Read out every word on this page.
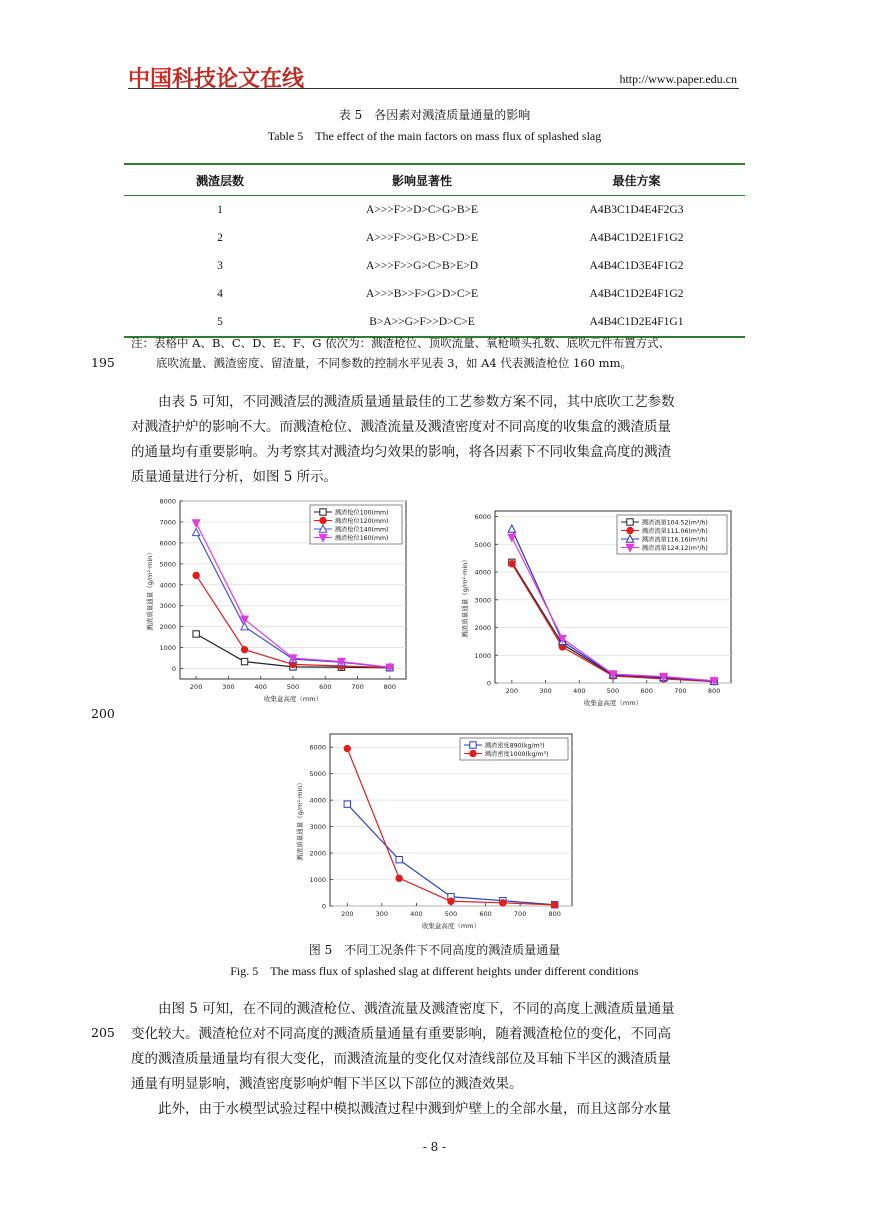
中国科技论文在线	http://www.paper.edu.cn
表 5　各因素对溅渣质量通量的影响
Table 5　The effect of the main factors on mass flux of splashed slag
溅渣层数	影响显著性	最佳方案
1	A>>>F>>D>C>G>B>E	A4B3C1D4E4F2G3
2	A>>>F>>G>B>C>D>E	A4B4C1D2E1F1G2
3	A>>>F>>G>C>B>E>D	A4B4C1D3E4F1G2
4	A>>>B>>F>G>D>C>E	A4B4C1D2E4F1G2
5	B>A>>G>F>>D>C>E	A4B4C1D2E4F1G1
注：表格中 A、B、C、D、E、F、G 依次为：溅渣枪位、顶吹流量、氧枪喷头孔数、底吹元件布置方式、
底吹流量、溅渣密度、留渣量，不同参数的控制水平见表 3，如 A4 代表溅渣枪位 160 mm。
195

由表 5 可知，不同溅渣层的溅渣质量通量最佳的工艺参数方案不同，其中底吹工艺参数

对溅渣护炉的影响不大。而溅渣枪位、溅渣流量及溅渣密度对不同高度的收集盒的溅渣质量

的通量均有重要影响。为考察其对溅渣均匀效果的影响，将各因素下不同收集盒高度的溅渣

质量通量进行分析，如图 5 所示。

0
1000
2000
3000
4000
5000
6000
7000
8000
200	300	400	500	600	700	800
收集盒高度（mm）
溅渣质量通量（g/m²·min）
溅渣枪位100(mm)
溅渣枪位120(mm)
溅渣枪位140(mm)
溅渣枪位160(mm)
0
1000
2000
3000
4000
5000
6000
200	300	400	500	600	700	800
收集盒高度（mm）
溅渣质量通量（g/m²·min）
溅渣流量104.52(m³/h)
溅渣流量111.06(m³/h)
溅渣流量116.16(m³/h)
溅渣流量124.12(m³/h)
0
1000
2000
3000
4000
5000
6000
200	300	400	500	600	700	800
收集盒高度（mm）
溅渣质量通量（g/m²·min）
溅渣密度890(kg/m³)
溅渣密度1000(kg/m³)
200
图 5　不同工况条件下不同高度的溅渣质量通量
Fig. 5　The mass flux of splashed slag at different heights under different conditions

由图 5 可知，在不同的溅渣枪位、溅渣流量及溅渣密度下，不同的高度上溅渣质量通量

变化较大。溅渣枪位对不同高度的溅渣质量通量有重要影响，随着溅渣枪位的变化，不同高

度的溅渣质量通量均有很大变化，而溅渣流量的变化仅对渣线部位及耳轴下半区的溅渣质量

通量有明显影响，溅渣密度影响炉帽下半区以下部位的溅渣效果。

205

此外，由于水模型试验过程中模拟溅渣过程中溅到炉壁上的全部水量，而且这部分水量

- 8 -
